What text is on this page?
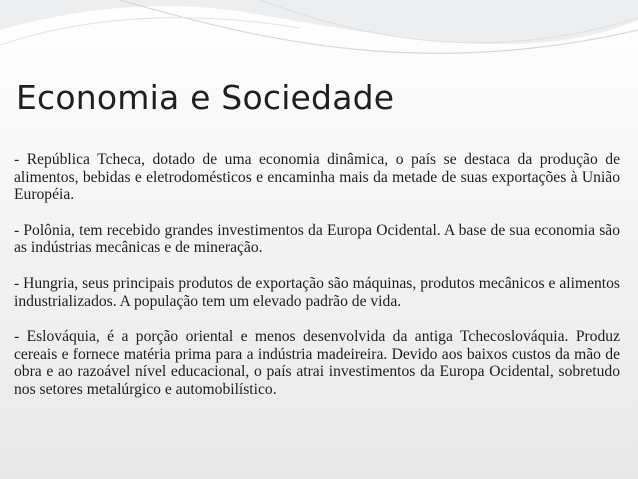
Economia e Sociedade

- República Tcheca, dotado de uma economia dinâmica, o país se destaca da produção de alimentos, bebidas e eletrodomésticos e encaminha mais da metade de suas exportações à União Européia.

- Polônia, tem recebido grandes investimentos da Europa Ocidental. A base de sua economia são as indústrias mecânicas e de mineração.

- Hungria, seus principais produtos de exportação são máquinas, produtos mecânicos e alimentos industrializados. A população tem um elevado padrão de vida.

- Eslováquia, é a porção oriental e menos desenvolvida da antiga Tchecoslováquia. Produz cereais e fornece matéria prima para a indústria madeireira. Devido aos baixos custos da mão de obra e ao razoável nível educacional, o país atrai investimentos da Europa Ocidental, sobretudo nos setores metalúrgico e automobilístico.
